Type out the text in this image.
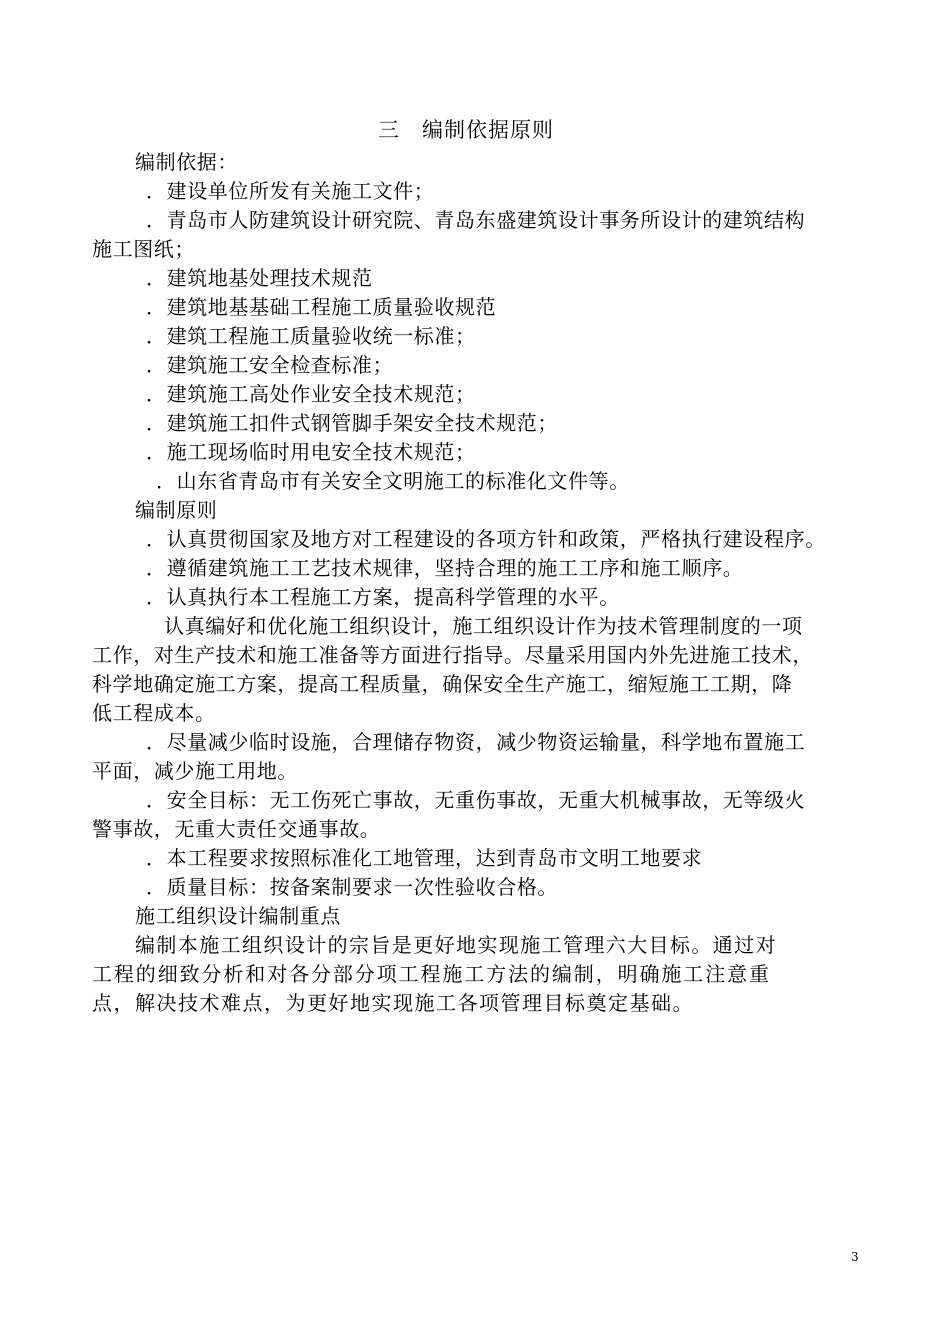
三　编制依据原则
编制依据：
．建设单位所发有关施工文件；
．青岛市人防建筑设计研究院、青岛东盛建筑设计事务所设计的建筑结构
施工图纸；
．建筑地基处理技术规范
．建筑地基基础工程施工质量验收规范
．建筑工程施工质量验收统一标准；
．建筑施工安全检查标准；
．建筑施工高处作业安全技术规范；
．建筑施工扣件式钢管脚手架安全技术规范；
．施工现场临时用电安全技术规范；
．山东省青岛市有关安全文明施工的标准化文件等。
编制原则
．认真贯彻国家及地方对工程建设的各项方针和政策，严格执行建设程序。
．遵循建筑施工工艺技术规律，坚持合理的施工工序和施工顺序。
．认真执行本工程施工方案，提高科学管理的水平。
认真编好和优化施工组织设计，施工组织设计作为技术管理制度的一项
工作，对生产技术和施工准备等方面进行指导。尽量采用国内外先进施工技术，
科学地确定施工方案，提高工程质量，确保安全生产施工，缩短施工工期，降
低工程成本。
．尽量减少临时设施，合理储存物资，减少物资运输量，科学地布置施工
平面，减少施工用地。
．安全目标：无工伤死亡事故，无重伤事故，无重大机械事故，无等级火
警事故，无重大责任交通事故。
．本工程要求按照标准化工地管理，达到青岛市文明工地要求
．质量目标：按备案制要求一次性验收合格。
施工组织设计编制重点
编制本施工组织设计的宗旨是更好地实现施工管理六大目标。通过对
工程的细致分析和对各分部分项工程施工方法的编制，明确施工注意重
点，解决技术难点，为更好地实现施工各项管理目标奠定基础。
3
